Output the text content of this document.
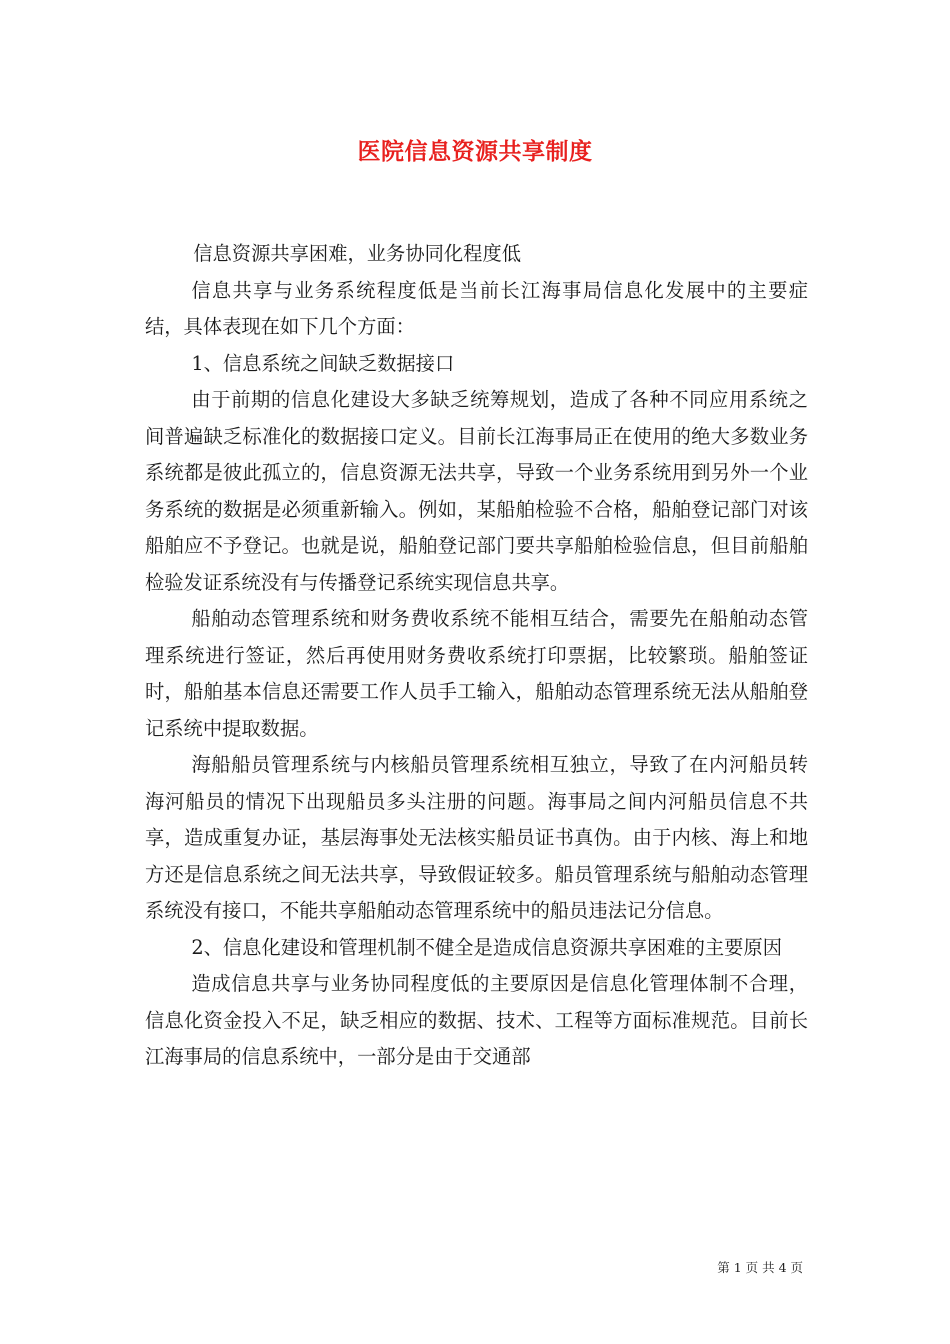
医院信息资源共享制度

信息资源共享困难，业务协同化程度低

信息共享与业务系统程度低是当前长江海事局信息化发展中的主要症结，具体表现在如下几个方面：

1、信息系统之间缺乏数据接口

由于前期的信息化建设大多缺乏统筹规划，造成了各种不同应用系统之间普遍缺乏标准化的数据接口定义。目前长江海事局正在使用的绝大多数业务系统都是彼此孤立的，信息资源无法共享，导致一个业务系统用到另外一个业务系统的数据是必须重新输入。例如，某船舶检验不合格，船舶登记部门对该船舶应不予登记。也就是说，船舶登记部门要共享船舶检验信息，但目前船舶检验发证系统没有与传播登记系统实现信息共享。

船舶动态管理系统和财务费收系统不能相互结合，需要先在船舶动态管理系统进行签证，然后再使用财务费收系统打印票据，比较繁琐。船舶签证时，船舶基本信息还需要工作人员手工输入，船舶动态管理系统无法从船舶登记系统中提取数据。

海船船员管理系统与内核船员管理系统相互独立，导致了在内河船员转海河船员的情况下出现船员多头注册的问题。海事局之间内河船员信息不共享，造成重复办证，基层海事处无法核实船员证书真伪。由于内核、海上和地方还是信息系统之间无法共享，导致假证较多。船员管理系统与船舶动态管理系统没有接口，不能共享船舶动态管理系统中的船员违法记分信息。

2、信息化建设和管理机制不健全是造成信息资源共享困难的主要原因

造成信息共享与业务协同程度低的主要原因是信息化管理体制不合理，信息化资金投入不足，缺乏相应的数据、技术、工程等方面标准规范。目前长江海事局的信息系统中，一部分是由于交通部

第 1 页 共 4 页
